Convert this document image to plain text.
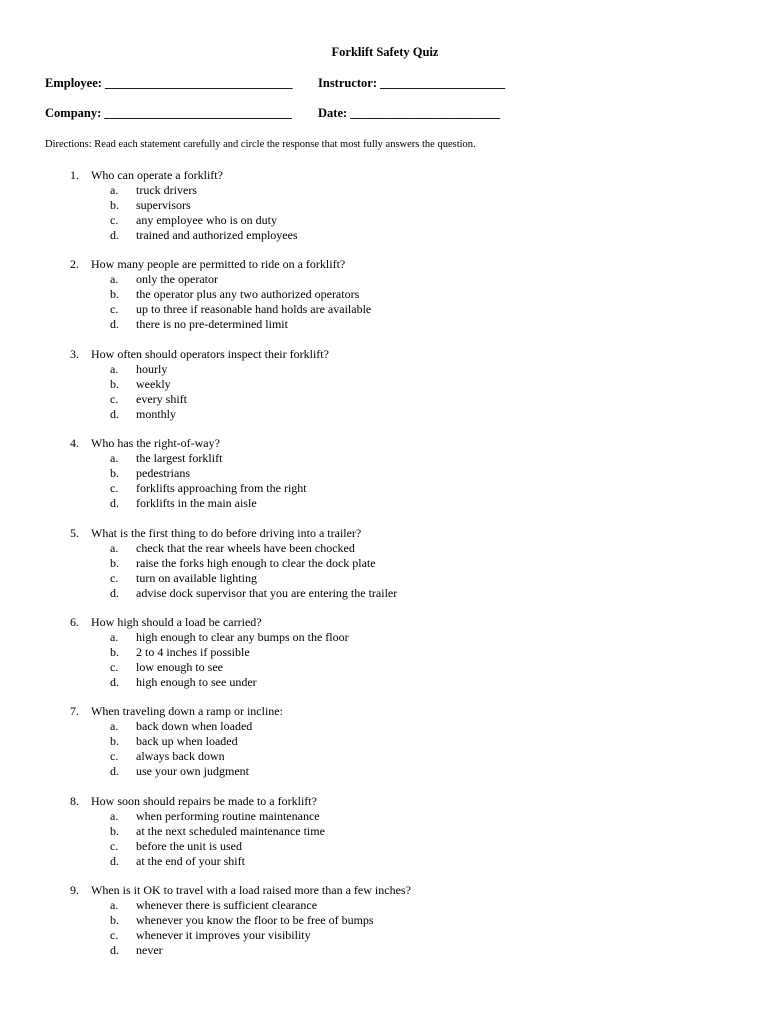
Forklift Safety Quiz
Employee: ______________________________ Instructor: ____________________
Company: ______________________________ Date: ________________________
Directions: Read each statement carefully and circle the response that most fully answers the question.
1. Who can operate a forklift?
a.	truck drivers
b.	supervisors
c.	any employee who is on duty
d.	trained and authorized employees
2. How many people are permitted to ride on a forklift?
a.	only the operator
b.	the operator plus any two authorized operators
c.	up to three if reasonable hand holds are available
d.	there is no pre-determined limit
3. How often should operators inspect their forklift?
a.	hourly
b.	weekly
c.	every shift
d.	monthly
4. Who has the right-of-way?
a.	the largest forklift
b.	pedestrians
c.	forklifts approaching from the right
d.	forklifts in the main aisle
5. What is the first thing to do before driving into a trailer?
a.	check that the rear wheels have been chocked
b.	raise the forks high enough to clear the dock plate
c.	turn on available lighting
d.	advise dock supervisor that you are entering the trailer
6. How high should a load be carried?
a.	high enough to clear any bumps on the floor
b.	2 to 4 inches if possible
c.	low enough to see
d.	high enough to see under
7. When traveling down a ramp or incline:
a.	back down when loaded
b.	back up when loaded
c.	always back down
d.	use your own judgment
8. How soon should repairs be made to a forklift?
a.	when performing routine maintenance
b.	at the next scheduled maintenance time
c.	before the unit is used
d.	at the end of your shift
9. When is it OK to travel with a load raised more than a few inches?
a.	whenever there is sufficient clearance
b.	whenever you know the floor to be free of bumps
c.	whenever it improves your visibility
d.	never
